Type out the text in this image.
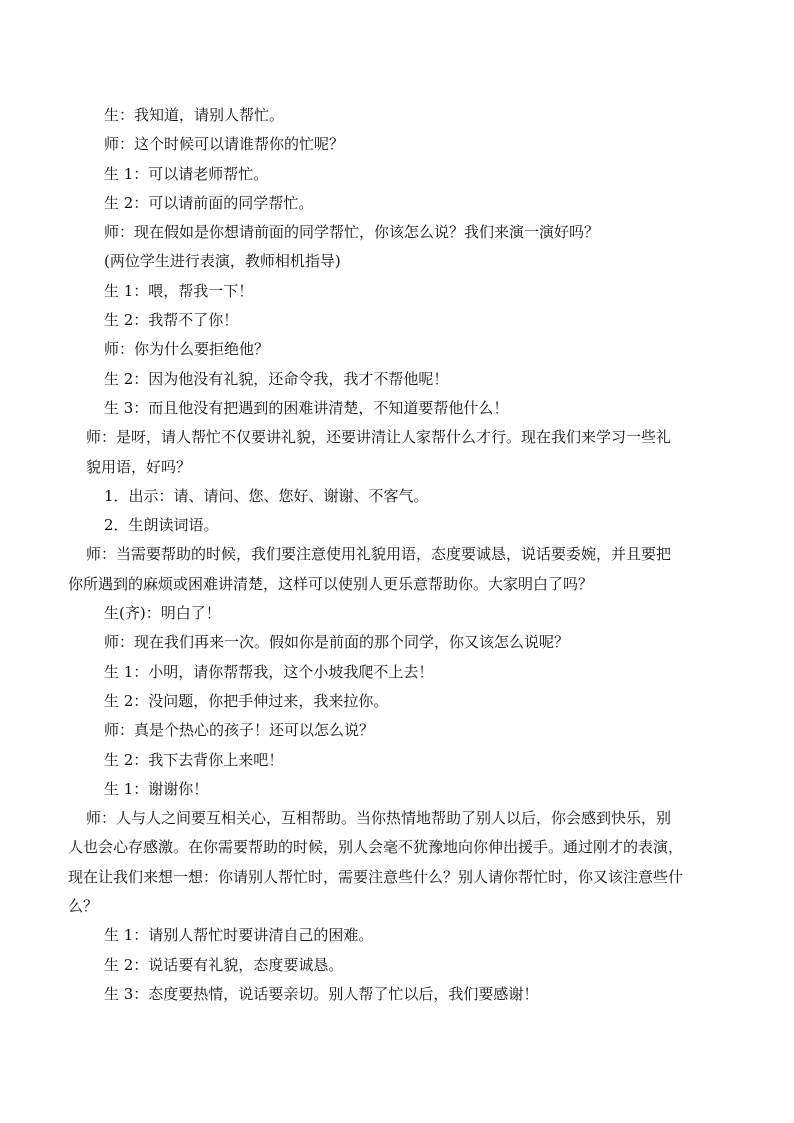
生：我知道，请别人帮忙。
师：这个时候可以请谁帮你的忙呢？
生 1：可以请老师帮忙。
生 2：可以请前面的同学帮忙。
师：现在假如是你想请前面的同学帮忙，你该怎么说？我们来演一演好吗？
(两位学生进行表演，教师相机指导)
生 1：喂，帮我一下！
生 2：我帮不了你！
师：你为什么要拒绝他？
生 2：因为他没有礼貌，还命令我，我才不帮他呢！
生 3：而且他没有把遇到的困难讲清楚，不知道要帮他什么！
师：是呀，请人帮忙不仅要讲礼貌，还要讲清让人家帮什么才行。现在我们来学习一些礼
貌用语，好吗？
1．出示：请、请问、您、您好、谢谢、不客气。
2．生朗读词语。
师：当需要帮助的时候，我们要注意使用礼貌用语，态度要诚恳，说话要委婉，并且要把
你所遇到的麻烦或困难讲清楚，这样可以使别人更乐意帮助你。大家明白了吗？
生(齐)：明白了！
师：现在我们再来一次。假如你是前面的那个同学，你又该怎么说呢？
生 1：小明，请你帮帮我，这个小坡我爬不上去！
生 2：没问题，你把手伸过来，我来拉你。
师：真是个热心的孩子！还可以怎么说？
生 2：我下去背你上来吧！
生 1：谢谢你！
师：人与人之间要互相关心，互相帮助。当你热情地帮助了别人以后，你会感到快乐，别
人也会心存感激。在你需要帮助的时候，别人会毫不犹豫地向你伸出援手。通过刚才的表演，
现在让我们来想一想：你请别人帮忙时，需要注意些什么？别人请你帮忙时，你又该注意些什
么？
生 1：请别人帮忙时要讲清自己的困难。
生 2：说话要有礼貌，态度要诚恳。
生 3：态度要热情，说话要亲切。别人帮了忙以后，我们要感谢！
